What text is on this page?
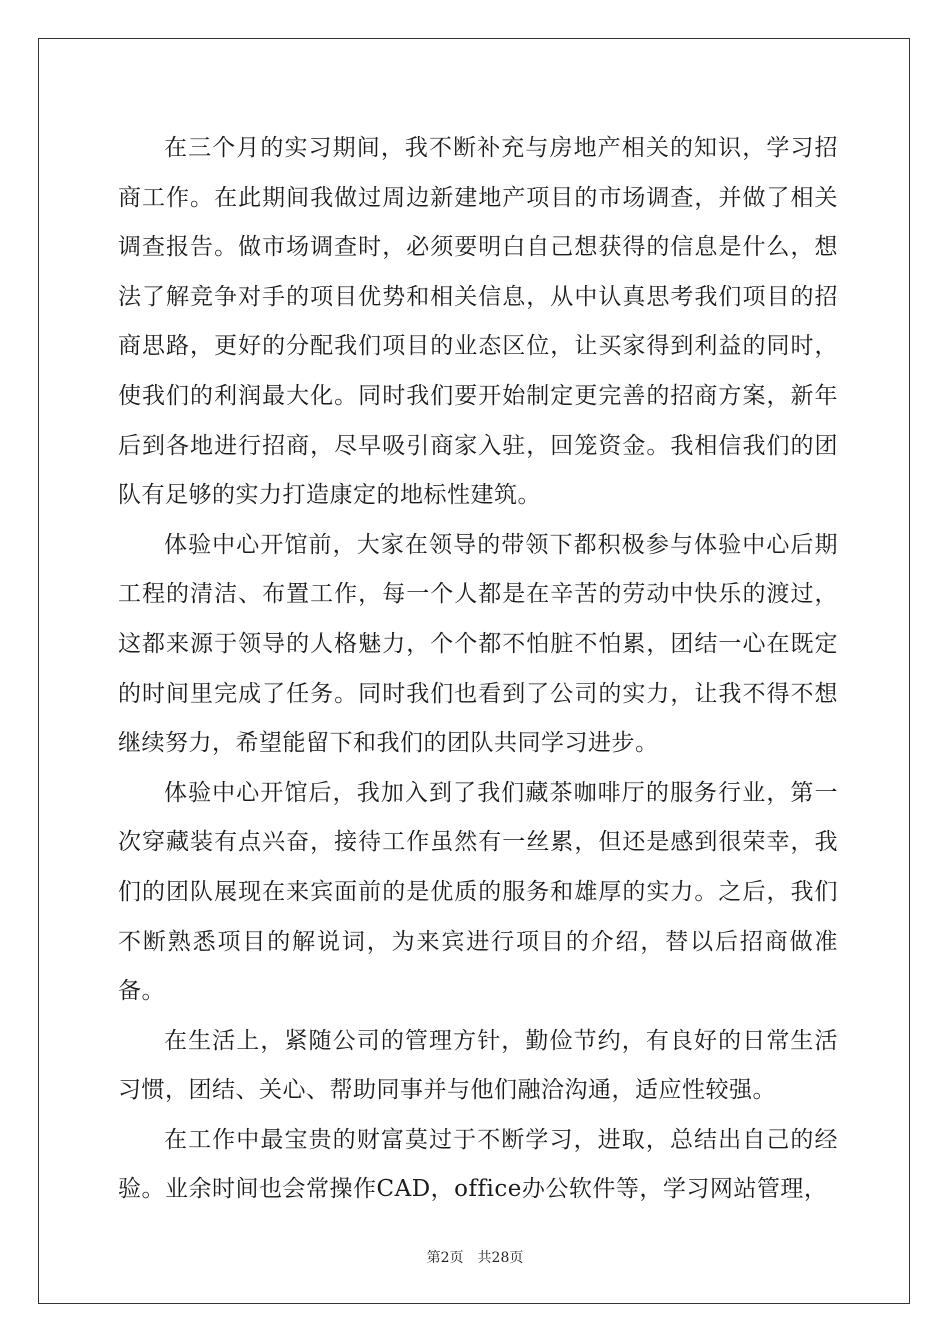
在三个月的实习期间，我不断补充与房地产相关的知识，学习招商工作。在此期间我做过周边新建地产项目的市场调查，并做了相关调查报告。做市场调查时，必须要明白自己想获得的信息是什么，想法了解竞争对手的项目优势和相关信息，从中认真思考我们项目的招商思路，更好的分配我们项目的业态区位，让买家得到利益的同时，使我们的利润最大化。同时我们要开始制定更完善的招商方案，新年后到各地进行招商，尽早吸引商家入驻，回笼资金。我相信我们的团队有足够的实力打造康定的地标性建筑。

体验中心开馆前，大家在领导的带领下都积极参与体验中心后期工程的清洁、布置工作，每一个人都是在辛苦的劳动中快乐的渡过，这都来源于领导的人格魅力，个个都不怕脏不怕累，团结一心在既定的时间里完成了任务。同时我们也看到了公司的实力，让我不得不想继续努力，希望能留下和我们的团队共同学习进步。

体验中心开馆后，我加入到了我们藏茶咖啡厅的服务行业，第一次穿藏装有点兴奋，接待工作虽然有一丝累，但还是感到很荣幸，我们的团队展现在来宾面前的是优质的服务和雄厚的实力。之后，我们不断熟悉项目的解说词，为来宾进行项目的介绍，替以后招商做准备。

在生活上，紧随公司的管理方针，勤俭节约，有良好的日常生活习惯，团结、关心、帮助同事并与他们融洽沟通，适应性较强。

在工作中最宝贵的财富莫过于不断学习，进取，总结出自己的经验。业余时间也会常操作CAD，office办公软件等，学习网站管理，

第2页 共28页
